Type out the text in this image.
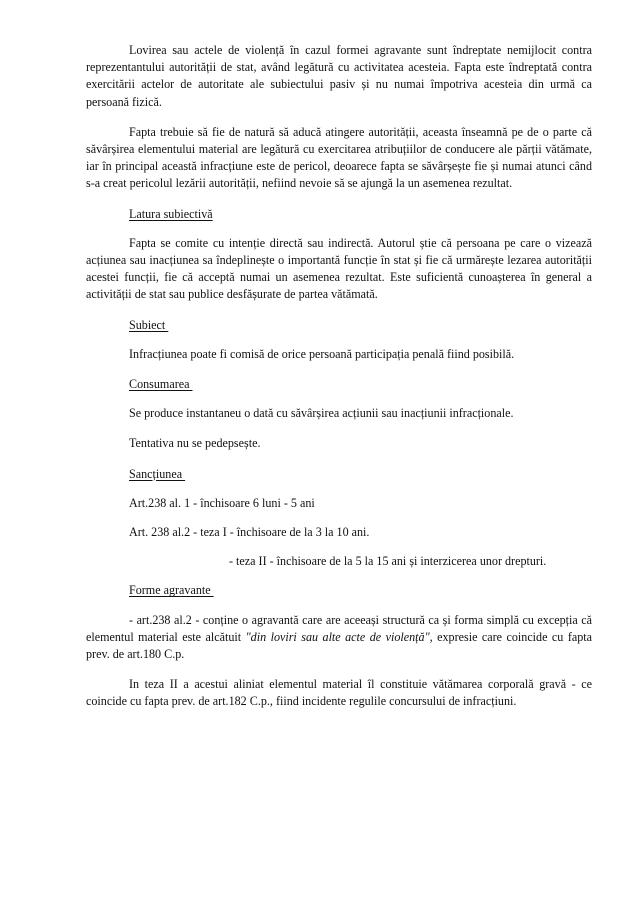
Lovirea sau actele de violență în cazul formei agravante sunt îndreptate nemijlocit contra reprezentantului autorității de stat, având legătură cu activitatea acesteia. Fapta este îndreptată contra exercitării actelor de autoritate ale subiectului pasiv și nu numai împotriva acesteia din urmă ca persoană fizică.

Fapta trebuie să fie de natură să aducă atingere autorității, aceasta înseamnă pe de o parte că săvârșirea elementului material are legătură cu exercitarea atribuțiilor de conducere ale părții vătămate, iar în principal această infracțiune este de pericol, deoarece fapta se săvârșește fie și numai atunci când s-a creat pericolul lezării autorității, nefiind nevoie să se ajungă la un asemenea rezultat.

Latura subiectivă

Fapta se comite cu intenție directă sau indirectă. Autorul știe că persoana pe care o vizează acțiunea sau inacțiunea sa îndeplinește o importantă funcție în stat și fie că urmărește lezarea autorității acestei funcții, fie că acceptă numai un asemenea rezultat. Este suficientă cunoașterea în general a activității de stat sau publice desfășurate de partea vătămată.

Subiect

Infracțiunea poate fi comisă de orice persoană participația penală fiind posibilă.

Consumarea

Se produce instantaneu o dată cu săvârșirea acțiunii sau inacțiunii infracționale.

Tentativa nu se pedepsește.

Sancțiunea

Art.238 al. 1 - închisoare 6 luni - 5 ani

Art. 238 al.2 - teza I - închisoare de la 3 la 10 ani.

- teza II - închisoare de la 5 la 15 ani și interzicerea unor drepturi.

Forme agravante

- art.238 al.2 - conține o agravantă care are aceeași structură ca și forma simplă cu excepția că elementul material este alcătuit "din loviri sau alte acte de violență", expresie care coincide cu fapta prev. de art.180 C.p.

In teza II a acestui aliniat elementul material îl constituie vătămarea corporală gravă - ce coincide cu fapta prev. de art.182 C.p., fiind incidente regulile concursului de infracțiuni.
